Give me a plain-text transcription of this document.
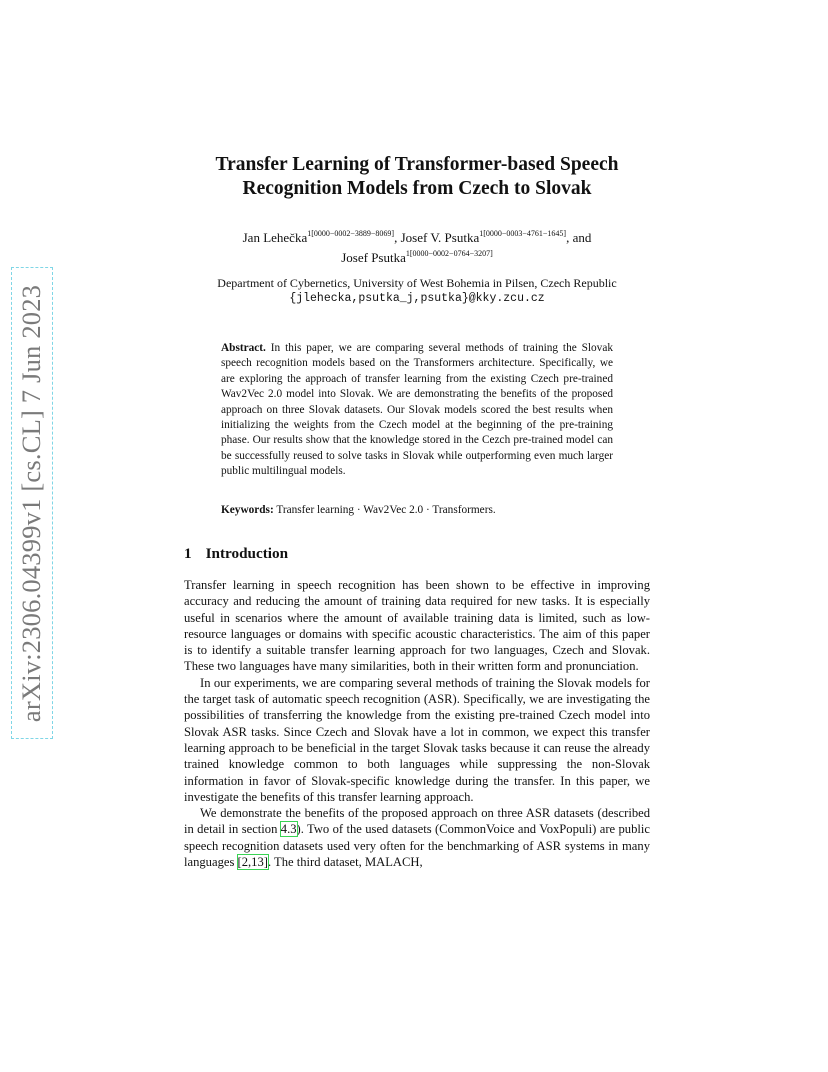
arXiv:2306.04399v1 [cs.CL] 7 Jun 2023
Transfer Learning of Transformer-based Speech
Recognition Models from Czech to Slovak
Jan Lehečka$^{1[0000-0002-3889-8069]}$, Josef V. Psutka$^{1[0000-0003-4761-1645]}$, and
Josef Psutka$^{1[0000-0002-0764-3207]}$
Department of Cybernetics, University of West Bohemia in Pilsen, Czech Republic
{jlehecka,psutka_j,psutka}@kky.zcu.cz
Abstract. In this paper, we are comparing several methods of training the Slovak speech recognition models based on the Transformers architecture. Specifically, we are exploring the approach of transfer learning from the existing Czech pre-trained Wav2Vec 2.0 model into Slovak. We are demonstrating the benefits of the proposed approach on three Slovak datasets. Our Slovak models scored the best results when initializing the weights from the Czech model at the beginning of the pre-training phase. Our results show that the knowledge stored in the Cezch pre-trained model can be successfully reused to solve tasks in Slovak while outperforming even much larger public multilingual models.
Keywords: Transfer learning · Wav2Vec 2.0 · Transformers.
1 Introduction

Transfer learning in speech recognition has been shown to be effective in improving accuracy and reducing the amount of training data required for new tasks. It is especially useful in scenarios where the amount of available training data is limited, such as low-resource languages or domains with specific acoustic characteristics. The aim of this paper is to identify a suitable transfer learning approach for two languages, Czech and Slovak. These two languages have many similarities, both in their written form and pronunciation.

In our experiments, we are comparing several methods of training the Slovak models for the target task of automatic speech recognition (ASR). Specifically, we are investigating the possibilities of transferring the knowledge from the existing pre-trained Czech model into Slovak ASR tasks. Since Czech and Slovak have a lot in common, we expect this transfer learning approach to be beneficial in the target Slovak tasks because it can reuse the already trained knowledge common to both languages while suppressing the non-Slovak information in favor of Slovak-specific knowledge during the transfer. In this paper, we investigate the benefits of this transfer learning approach.

We demonstrate the benefits of the proposed approach on three ASR datasets (described in detail in section 4.3). Two of the used datasets (CommonVoice and VoxPopuli) are public speech recognition datasets used very often for the benchmarking of ASR systems in many languages [2,13]. The third dataset, MALACH,
